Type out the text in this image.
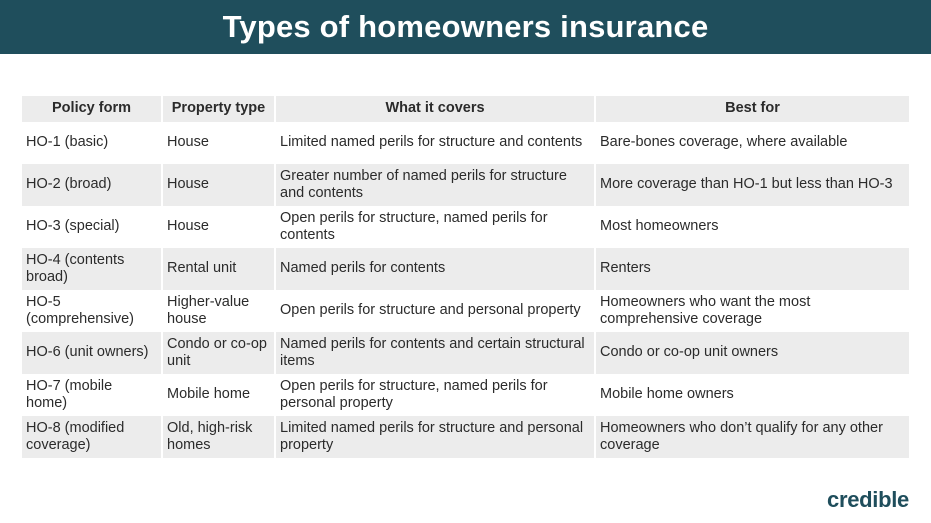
Types of homeowners insurance
Policy form	Property type	What it covers	Best for
HO-1 (basic)	House	Limited named perils for structure and contents	Bare-bones coverage, where available
HO-2 (broad)	House	Greater number of named perils for structure and contents	More coverage than HO-1 but less than HO-3
HO-3 (special)	House	Open perils for structure, named perils for contents	Most homeowners
HO-4 (contents broad)	Rental unit	Named perils for contents	Renters
HO-5 (comprehensive)	Higher-value house	Open perils for structure and personal property	Homeowners who want the most comprehensive coverage
HO-6 (unit owners)	Condo or co-op unit	Named perils for contents and certain structural items	Condo or co-op unit owners
HO-7 (mobile home)	Mobile home	Open perils for structure, named perils for personal property	Mobile home owners
HO-8 (modified coverage)	Old, high-risk homes	Limited named perils for structure and personal property	Homeowners who don’t qualify for any other coverage
credible
